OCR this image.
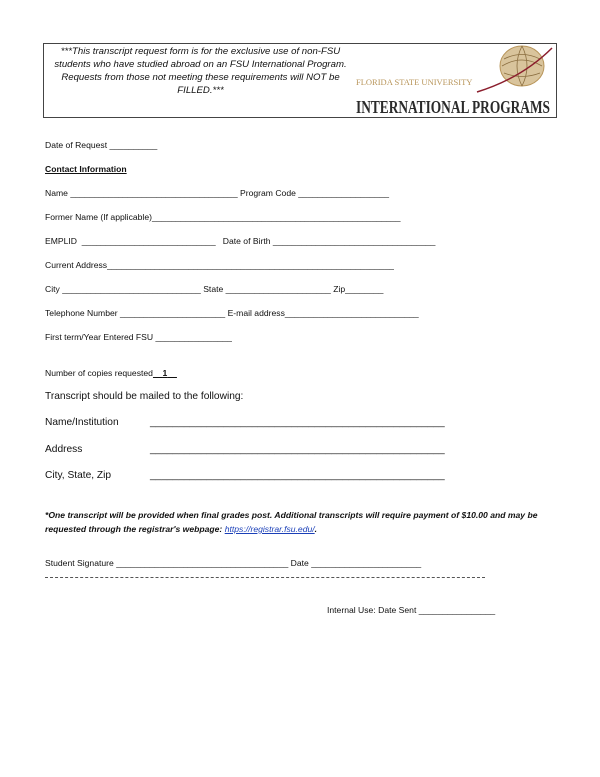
***This transcript request form is for the exclusive use of non-FSU students who have studied abroad on an FSU International Program. Requests from those not meeting these requirements will NOT be FILLED.***
FLORIDA STATE UNIVERSITY
INTERNATIONAL PROGRAMS
Date of Request __________
Contact Information
Name ___________________________________ Program Code ___________________
Former Name (If applicable)____________________________________________________
EMPLID  ____________________________   Date of Birth __________________________________
Current Address____________________________________________________________
City _____________________________ State ______________________ Zip________
Telephone Number ______________________ E-mail address____________________________
First term/Year Entered FSU ________________
Number of copies requested 1__
Transcript should be mailed to the following:
Name/Institution	____________________________________________________
Address	____________________________________________________
City, State, Zip	____________________________________________________
*One transcript will be provided when final grades post. Additional transcripts will require payment of $10.00 and may be requested through the registrar's webpage: https://registrar.fsu.edu/.
Student Signature ____________________________________ Date _______________________
Internal Use: Date Sent ________________
